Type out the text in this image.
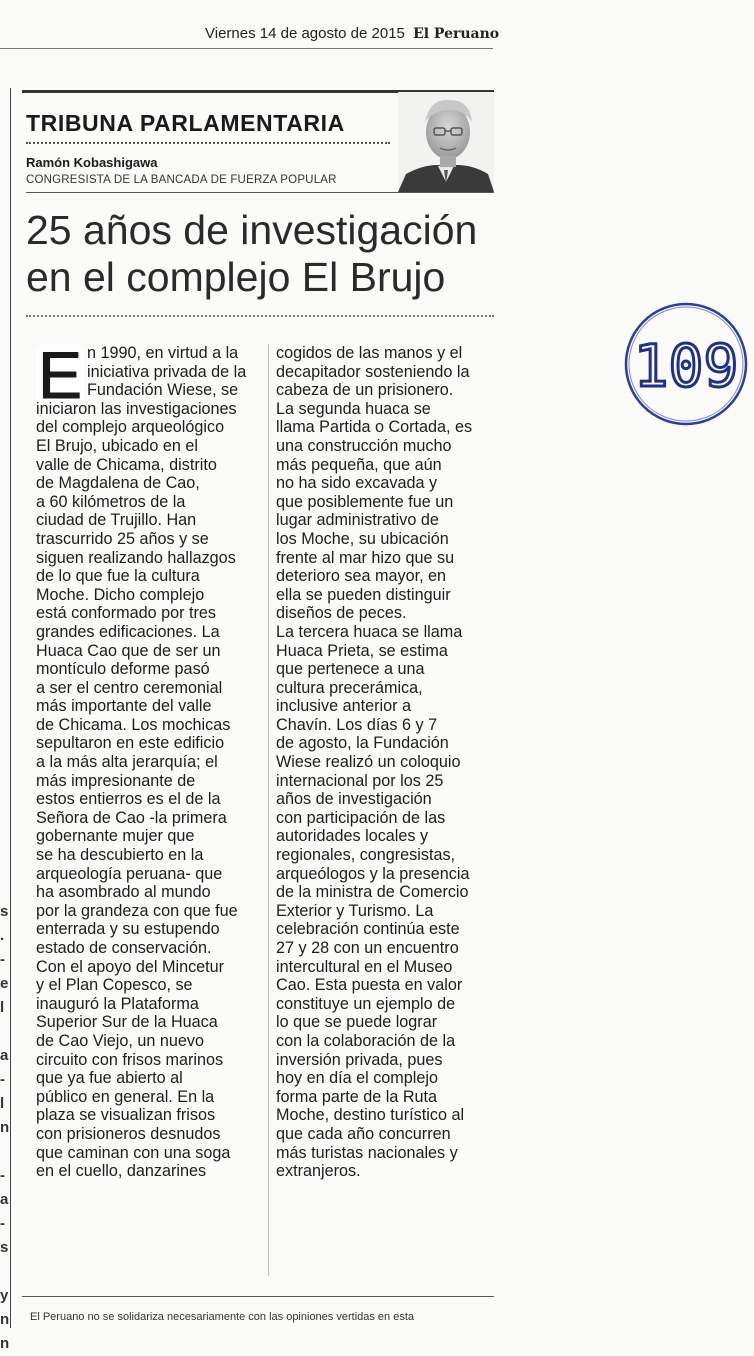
Viernes 14 de agosto de 2015 El Peruano
s
.
-
e
l

a
-
l
n

-
a
-
s

y
n
n
TRIBUNA PARLAMENTARIA
Ramón Kobashigawa
CONGRESISTA DE LA BANCADA DE FUERZA POPULAR
25 años de investigación
en el complejo El Brujo
E n 1990, en virtud a la
iniciativa privada de la
Fundación Wiese, se
iniciaron las investigaciones
del complejo arqueológico
El Brujo, ubicado en el
valle de Chicama, distrito
de Magdalena de Cao,
a 60 kilómetros de la
ciudad de Trujillo. Han
trascurrido 25 años y se
siguen realizando hallazgos
de lo que fue la cultura
Moche. Dicho complejo
está conformado por tres
grandes edificaciones. La
Huaca Cao que de ser un
montículo deforme pasó
a ser el centro ceremonial
más importante del valle
de Chicama. Los mochicas
sepultaron en este edificio
a la más alta jerarquía; el
más impresionante de
estos entierros es el de la
Señora de Cao -la primera
gobernante mujer que
se ha descubierto en la
arqueología peruana- que
ha asombrado al mundo
por la grandeza con que fue
enterrada y su estupendo
estado de conservación.
Con el apoyo del Mincetur
y el Plan Copesco, se
inauguró la Plataforma
Superior Sur de la Huaca
de Cao Viejo, un nuevo
circuito con frisos marinos
que ya fue abierto al
público en general. En la
plaza se visualizan frisos
con prisioneros desnudos
que caminan con una soga
en el cuello, danzarines
cogidos de las manos y el
decapitador sosteniendo la
cabeza de un prisionero.
La segunda huaca se
llama Partida o Cortada, es
una construcción mucho
más pequeña, que aún
no ha sido excavada y
que posiblemente fue un
lugar administrativo de
los Moche, su ubicación
frente al mar hizo que su
deterioro sea mayor, en
ella se pueden distinguir
diseños de peces.
La tercera huaca se llama
Huaca Prieta, se estima
que pertenece a una
cultura precerámica,
inclusive anterior a
Chavín. Los días 6 y 7
de agosto, la Fundación
Wiese realizó un coloquio
internacional por los 25
años de investigación
con participación de las
autoridades locales y
regionales, congresistas,
arqueólogos y la presencia
de la ministra de Comercio
Exterior y Turismo. La
celebración continúa este
27 y 28 con un encuentro
intercultural en el Museo
Cao. Esta puesta en valor
constituye un ejemplo de
lo que se puede lograr
con la colaboración de la
inversión privada, pues
hoy en día el complejo
forma parte de la Ruta
Moche, destino turístico al
que cada año concurren
más turistas nacionales y
extranjeros.
El Peruano no se solidariza necesariamente con las opiniones vertidas en esta
109
